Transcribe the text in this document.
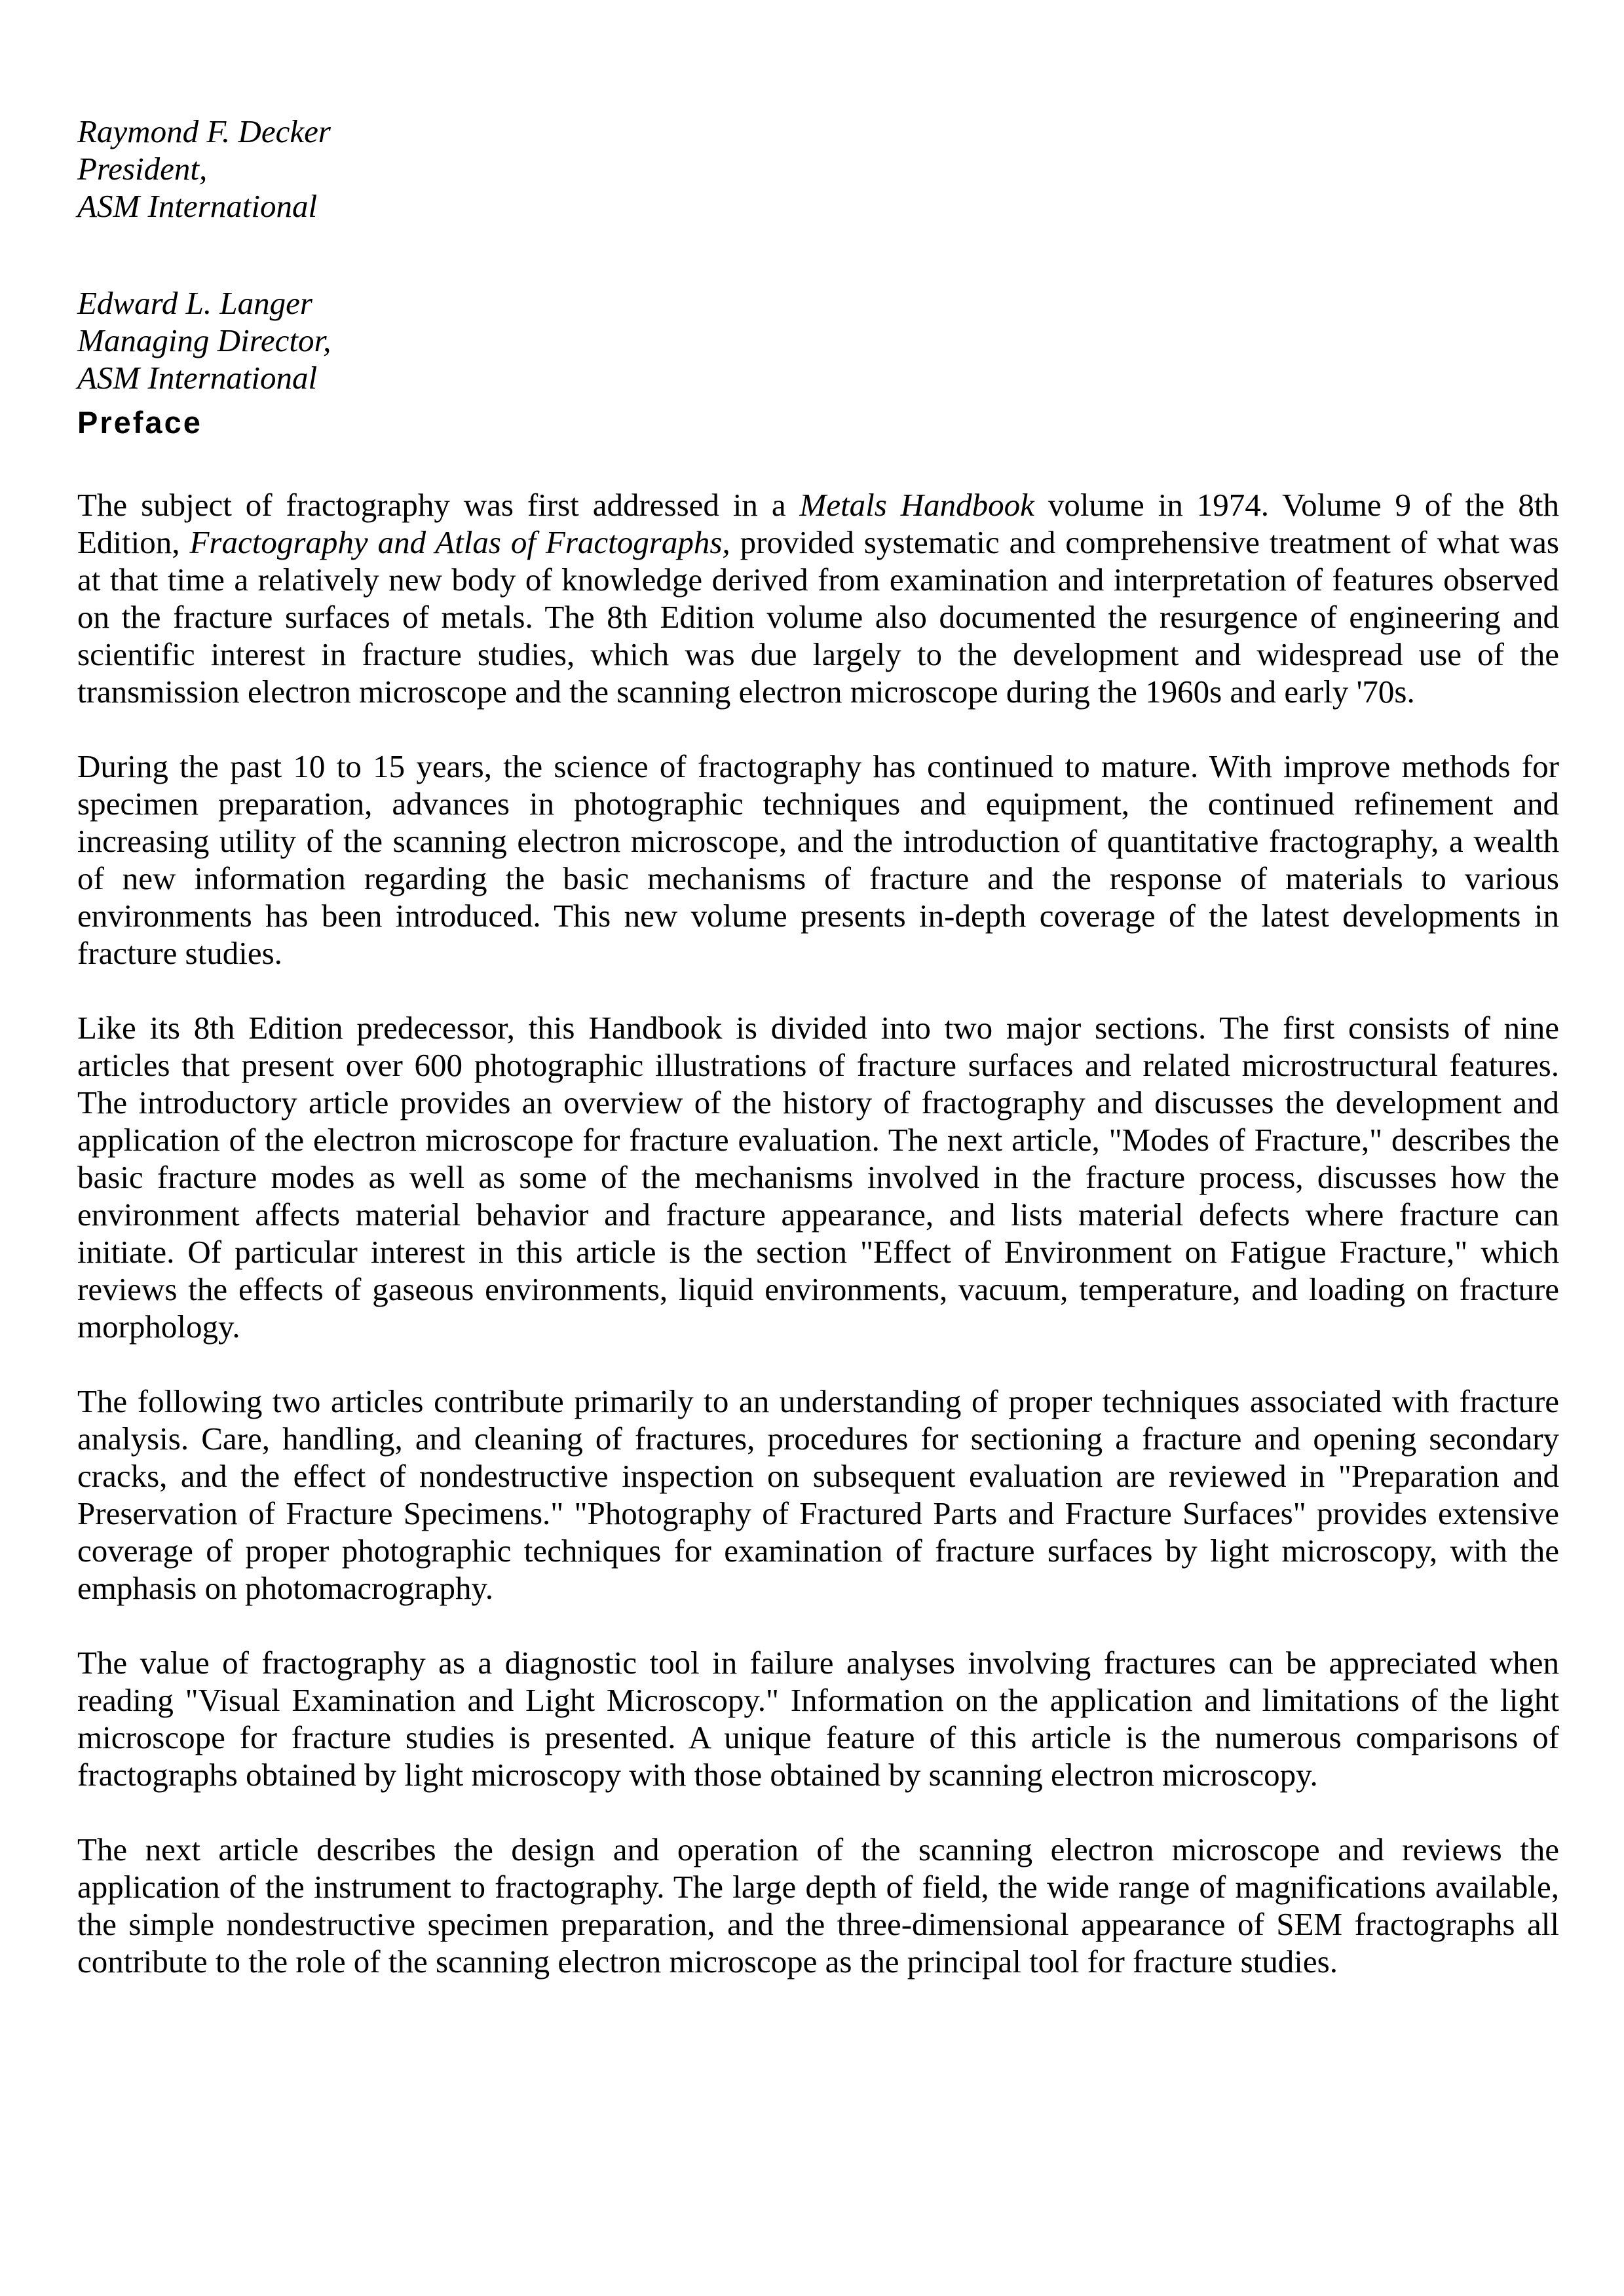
Raymond F. Decker
President,
ASM International
Edward L. Langer
Managing Director,
ASM International
Preface

The subject of fractography was first addressed in a Metals Handbook volume in 1974. Volume 9 of the 8th Edition, Fractography and Atlas of Fractographs, provided systematic and comprehensive treatment of what was at that time a relatively new body of knowledge derived from examination and interpretation of features observed on the fracture surfaces of metals. The 8th Edition volume also documented the resurgence of engineering and scientific interest in fracture studies, which was due largely to the development and widespread use of the transmission electron microscope and the scanning electron microscope during the 1960s and early '70s.

During the past 10 to 15 years, the science of fractography has continued to mature. With improve methods for specimen preparation, advances in photographic techniques and equipment, the continued refinement and increasing utility of the scanning electron microscope, and the introduction of quantitative fractography, a wealth of new information regarding the basic mechanisms of fracture and the response of materials to various environments has been introduced. This new volume presents in-depth coverage of the latest developments in fracture studies.

Like its 8th Edition predecessor, this Handbook is divided into two major sections. The first consists of nine articles that present over 600 photographic illustrations of fracture surfaces and related microstructural features. The introductory article provides an overview of the history of fractography and discusses the development and application of the electron microscope for fracture evaluation. The next article, "Modes of Fracture," describes the basic fracture modes as well as some of the mechanisms involved in the fracture process, discusses how the environment affects material behavior and fracture appearance, and lists material defects where fracture can initiate. Of particular interest in this article is the section "Effect of Environment on Fatigue Fracture," which reviews the effects of gaseous environments, liquid environments, vacuum, temperature, and loading on fracture morphology.

The following two articles contribute primarily to an understanding of proper techniques associated with fracture analysis. Care, handling, and cleaning of fractures, procedures for sectioning a fracture and opening secondary cracks, and the effect of nondestructive inspection on subsequent evaluation are reviewed in "Preparation and Preservation of Fracture Specimens." "Photography of Fractured Parts and Fracture Surfaces" provides extensive coverage of proper photographic techniques for examination of fracture surfaces by light microscopy, with the emphasis on photomacrography.

The value of fractography as a diagnostic tool in failure analyses involving fractures can be appreciated when reading "Visual Examination and Light Microscopy." Information on the application and limitations of the light microscope for fracture studies is presented. A unique feature of this article is the numerous comparisons of fractographs obtained by light microscopy with those obtained by scanning electron microscopy.

The next article describes the design and operation of the scanning electron microscope and reviews the application of the instrument to fractography. The large depth of field, the wide range of magnifications available, the simple nondestructive specimen preparation, and the three-dimensional appearance of SEM fractographs all contribute to the role of the scanning electron microscope as the principal tool for fracture studies.
